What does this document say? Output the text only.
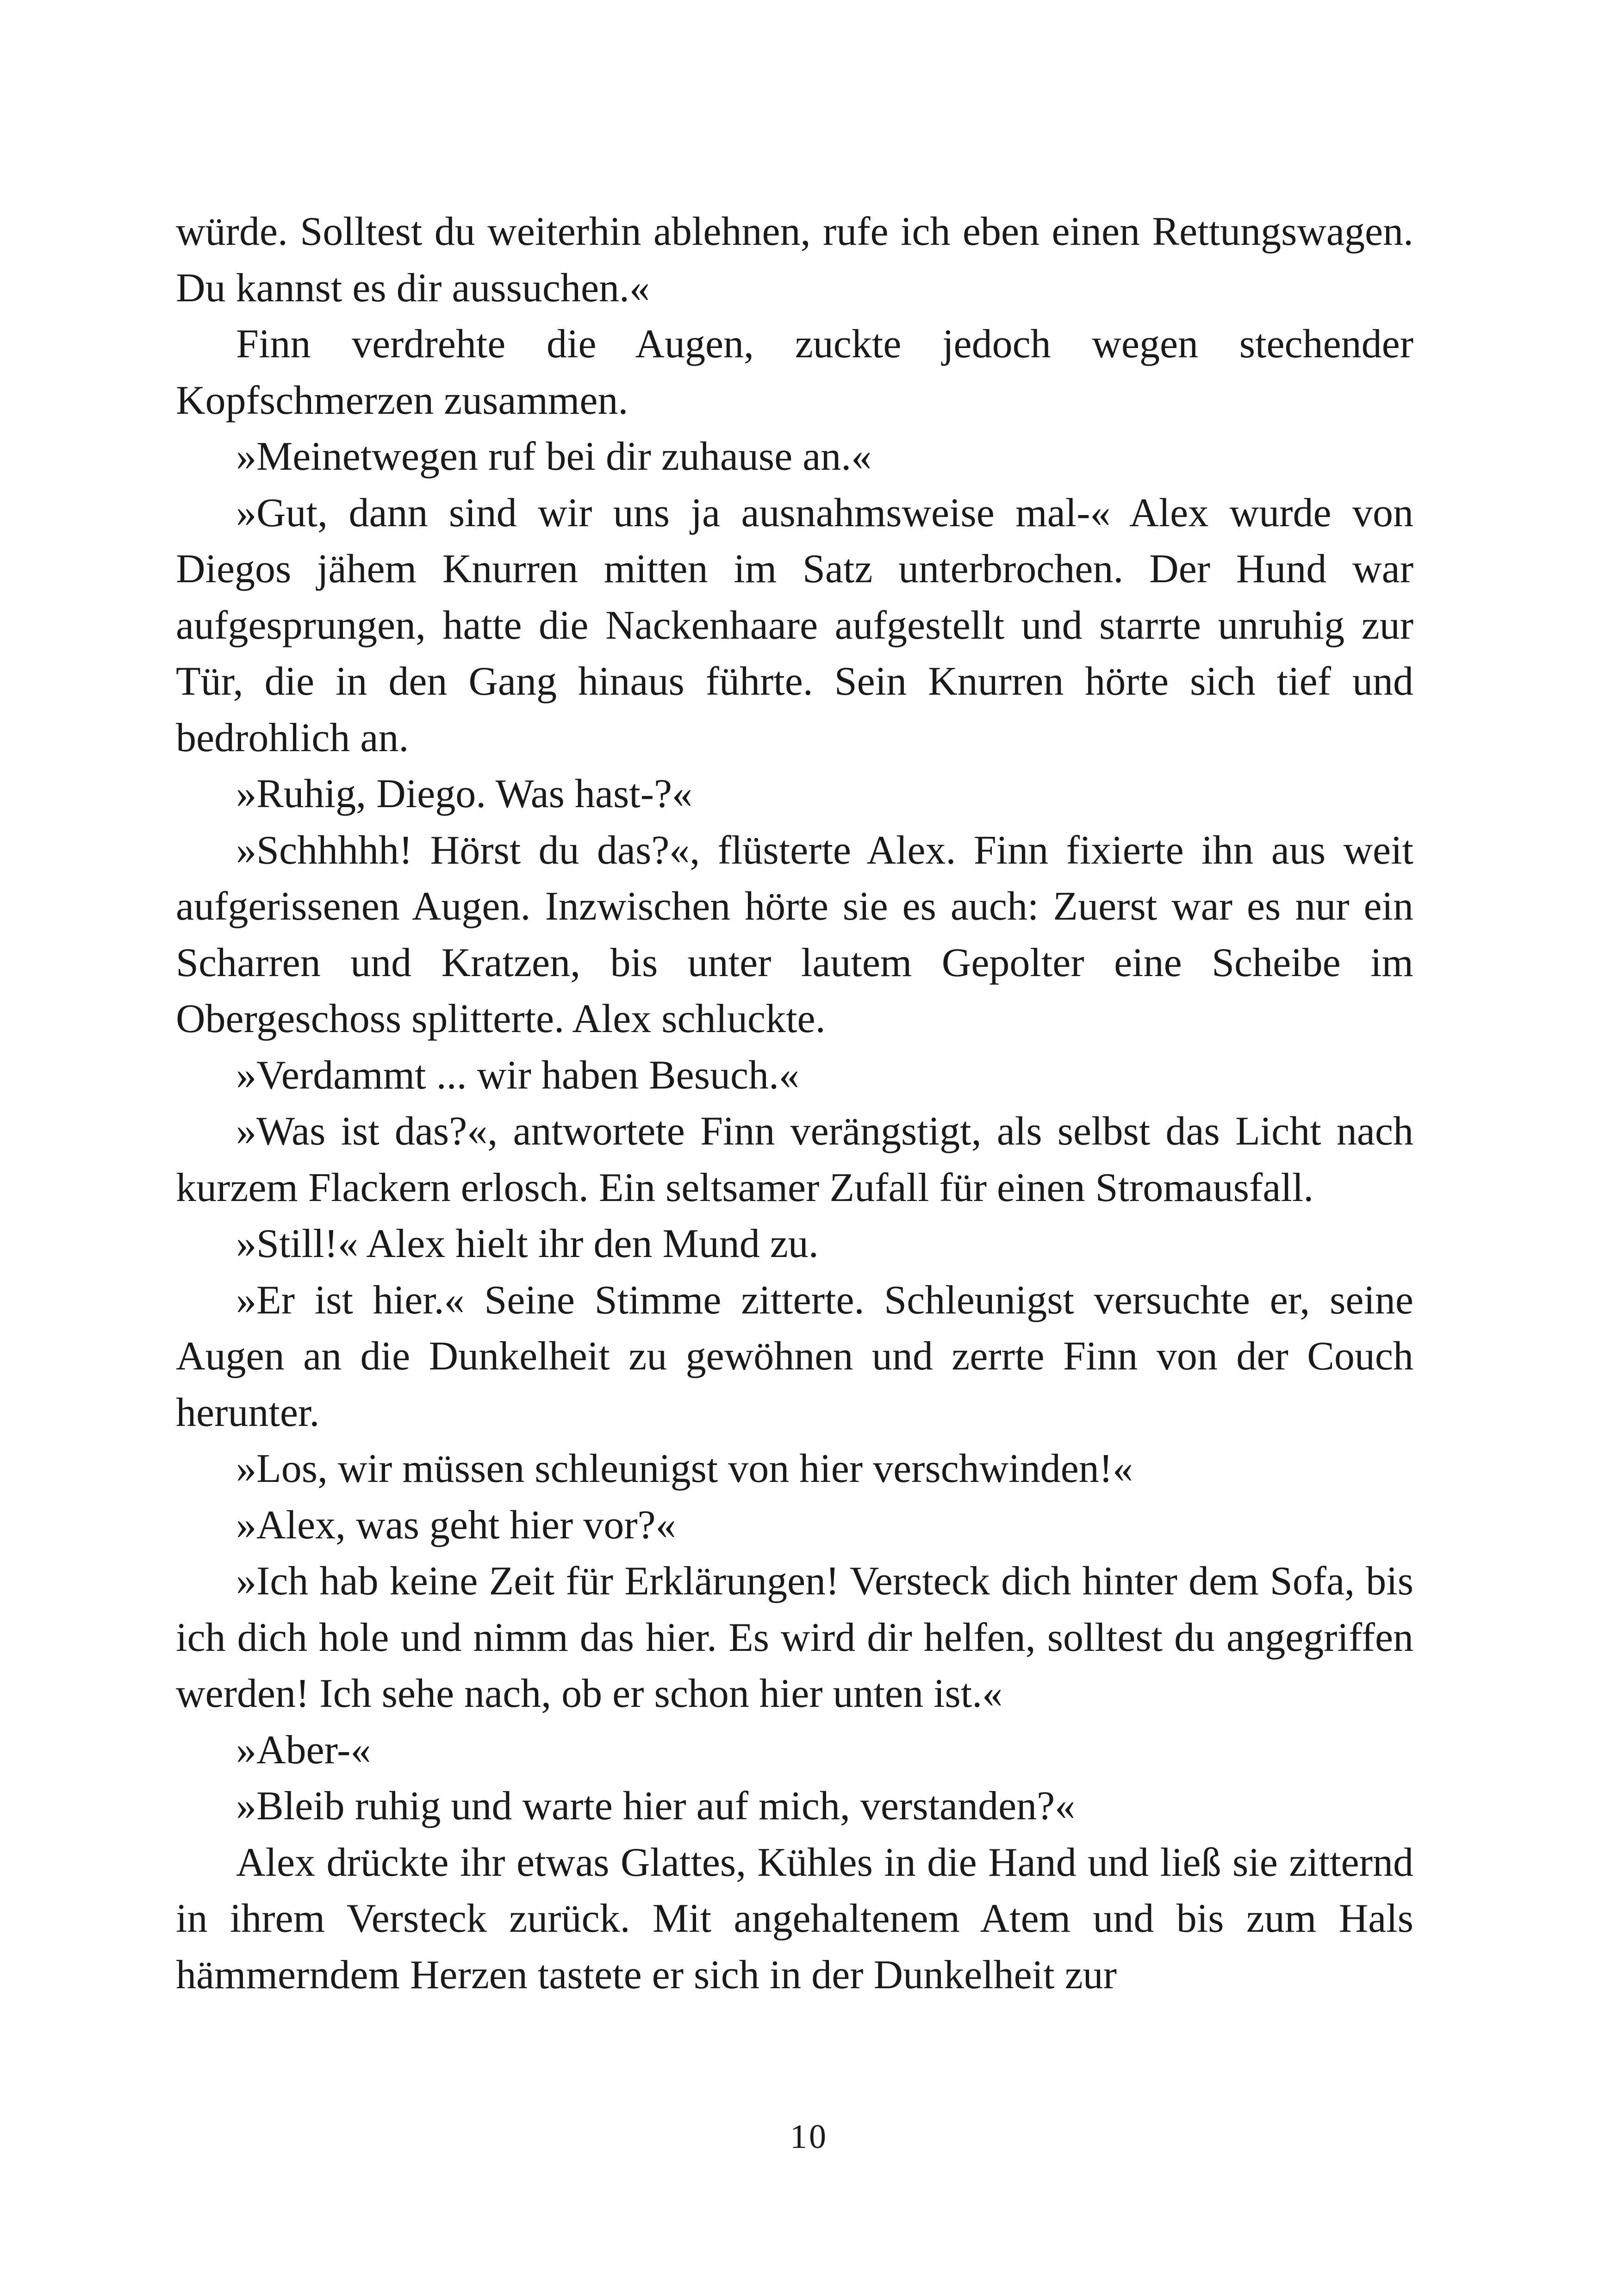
würde. Solltest du weiterhin ablehnen, rufe ich eben einen Rettungswagen. Du kannst es dir aussuchen.«

Finn verdrehte die Augen, zuckte jedoch wegen stechender Kopfschmerzen zusammen.

»Meinetwegen ruf bei dir zuhause an.«

»Gut, dann sind wir uns ja ausnahmsweise mal-« Alex wurde von Diegos jähem Knurren mitten im Satz unterbrochen. Der Hund war aufgesprungen, hatte die Nackenhaare aufgestellt und starrte unruhig zur Tür, die in den Gang hinaus führte. Sein Knurren hörte sich tief und bedrohlich an.

»Ruhig, Diego. Was hast-?«

»Schhhhh! Hörst du das?«, flüsterte Alex. Finn fixierte ihn aus weit aufgerissenen Augen. Inzwischen hörte sie es auch: Zuerst war es nur ein Scharren und Kratzen, bis unter lautem Gepolter eine Scheibe im Obergeschoss splitterte. Alex schluckte.

»Verdammt ... wir haben Besuch.«

»Was ist das?«, antwortete Finn verängstigt, als selbst das Licht nach kurzem Flackern erlosch. Ein seltsamer Zufall für einen Stromausfall.

»Still!« Alex hielt ihr den Mund zu.

»Er ist hier.« Seine Stimme zitterte. Schleunigst versuchte er, seine Augen an die Dunkelheit zu gewöhnen und zerrte Finn von der Couch herunter.

»Los, wir müssen schleunigst von hier verschwinden!«

»Alex, was geht hier vor?«

»Ich hab keine Zeit für Erklärungen! Versteck dich hinter dem Sofa, bis ich dich hole und nimm das hier. Es wird dir helfen, solltest du angegriffen werden! Ich sehe nach, ob er schon hier unten ist.«

»Aber-«

»Bleib ruhig und warte hier auf mich, verstanden?«

Alex drückte ihr etwas Glattes, Kühles in die Hand und ließ sie zitternd in ihrem Versteck zurück. Mit angehaltenem Atem und bis zum Hals hämmerndem Herzen tastete er sich in der Dunkelheit zur

10
